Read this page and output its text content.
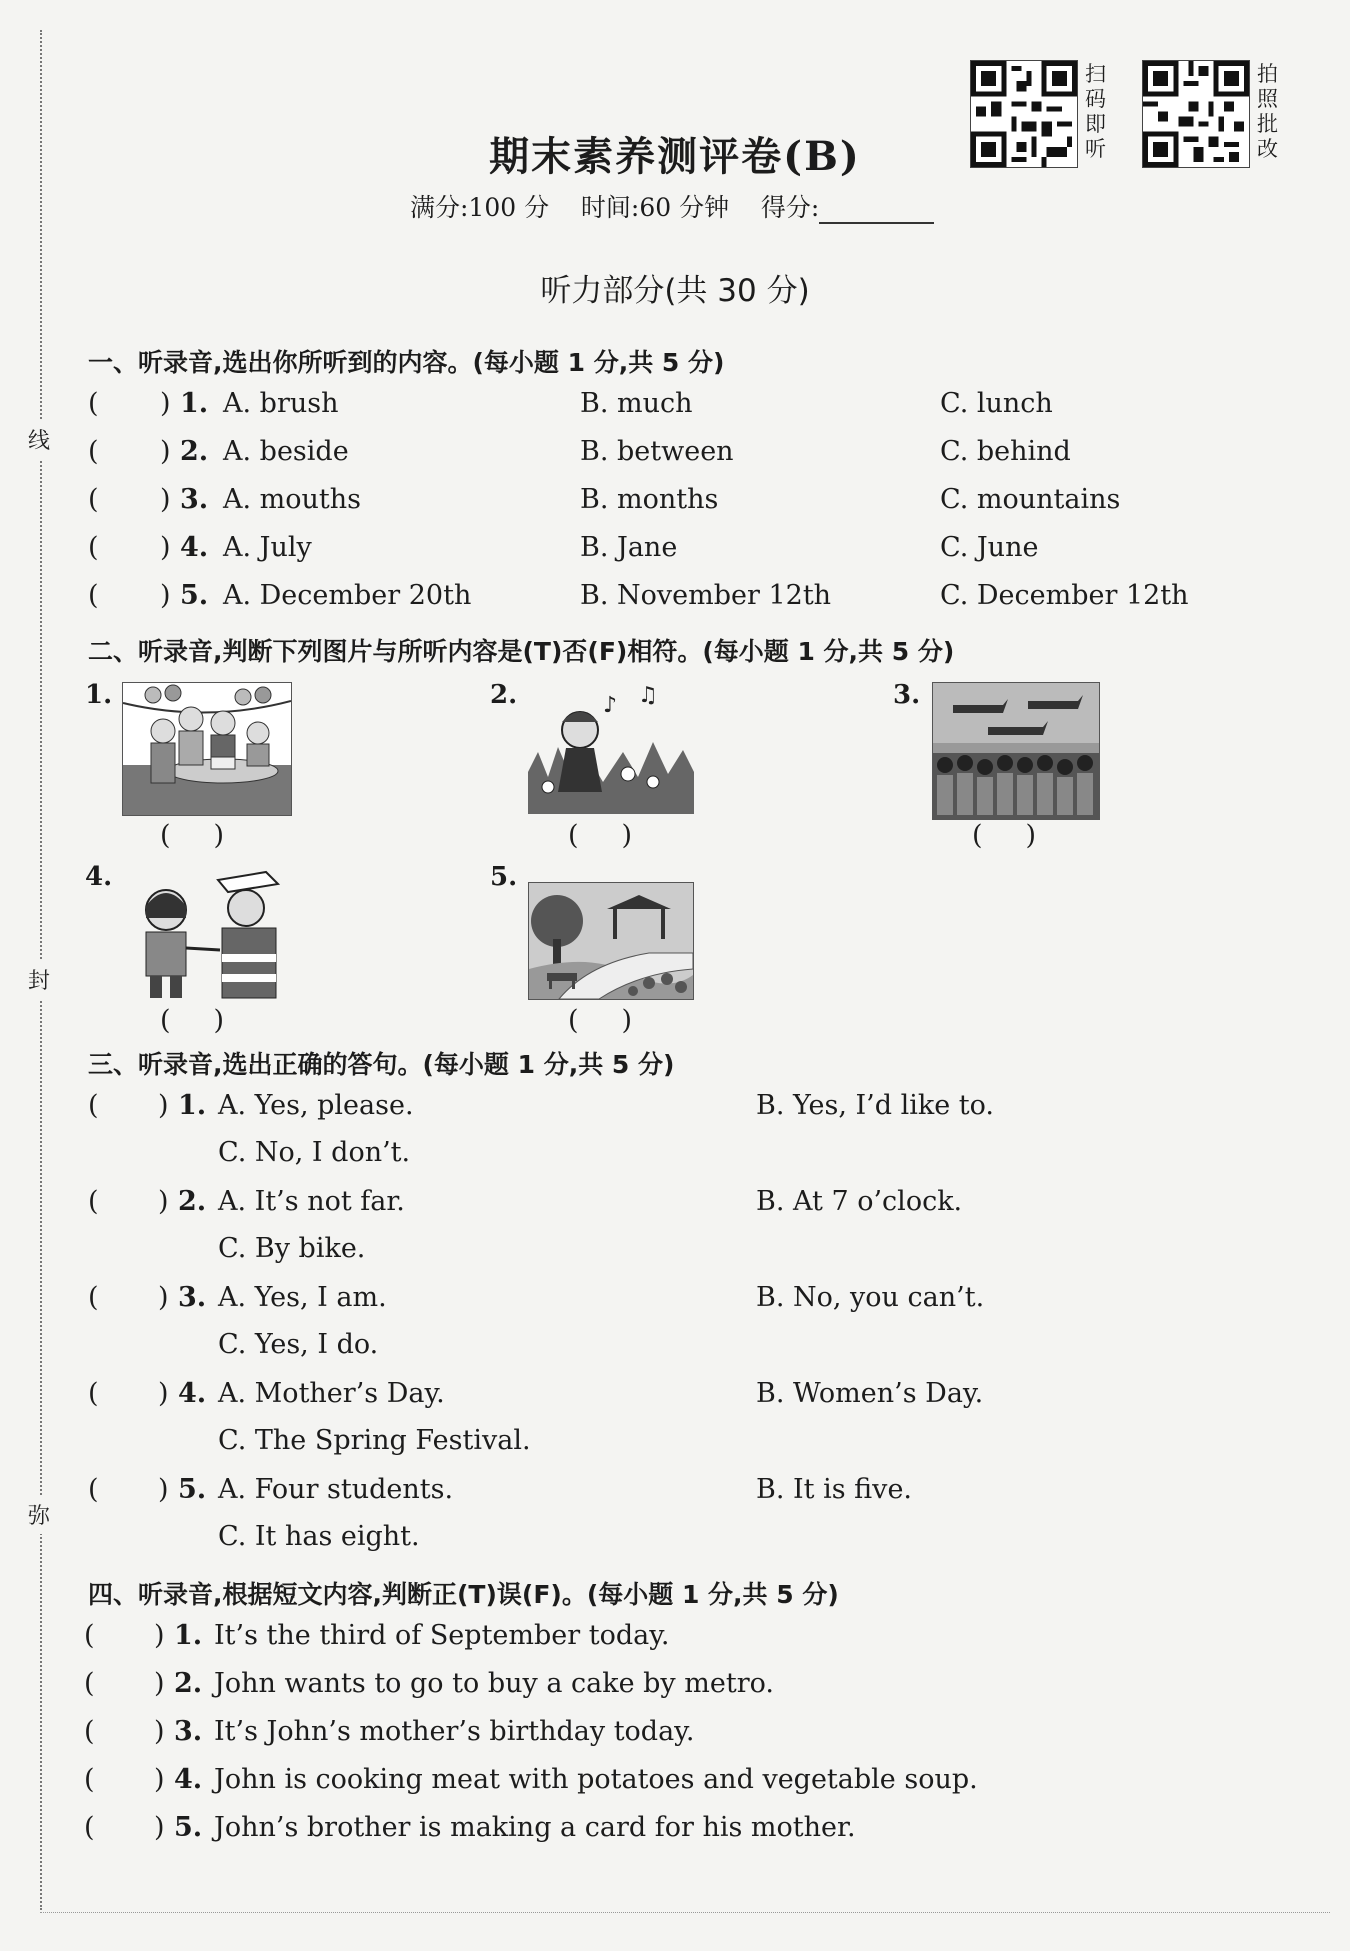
线
封
弥
扫
码
即
听
拍
照
批
改
期末素养测评卷(B)
满分:100 分 时间:60 分钟 得分:
听力部分(共 30 分)
一、听录音,选出你所听到的内容。(每小题 1 分,共 5 分)
( ) 1. A. brush	B. much	C. lunch
( ) 2. A. beside	B. between	C. behind
( ) 3. A. mouths	B. months	C. mountains
( ) 4. A. July	B. Jane	C. June
( ) 5. A. December 20th	B. November 12th	C. December 12th
二、听录音,判断下列图片与所听内容是(T)否(F)相符。(每小题 1 分,共 5 分)
1.
( )
2.	♪ ♫
( )
3.
( )
4.
( )
5.
( )
三、听录音,选出正确的答句。(每小题 1 分,共 5 分)
( ) 1. A. Yes, please.	B. Yes, I’d like to.
C. No, I don’t.
( ) 2. A. It’s not far.	B. At 7 o’clock.
C. By bike.
( ) 3. A. Yes, I am.	B. No, you can’t.
C. Yes, I do.
( ) 4. A. Mother’s Day.	B. Women’s Day.
C. The Spring Festival.
( ) 5. A. Four students.	B. It is five.
C. It has eight.
四、听录音,根据短文内容,判断正(T)误(F)。(每小题 1 分,共 5 分)
( ) 1. It’s the third of September today.
( ) 2. John wants to go to buy a cake by metro.
( ) 3. It’s John’s mother’s birthday today.
( ) 4. John is cooking meat with potatoes and vegetable soup.
( ) 5. John’s brother is making a card for his mother.
